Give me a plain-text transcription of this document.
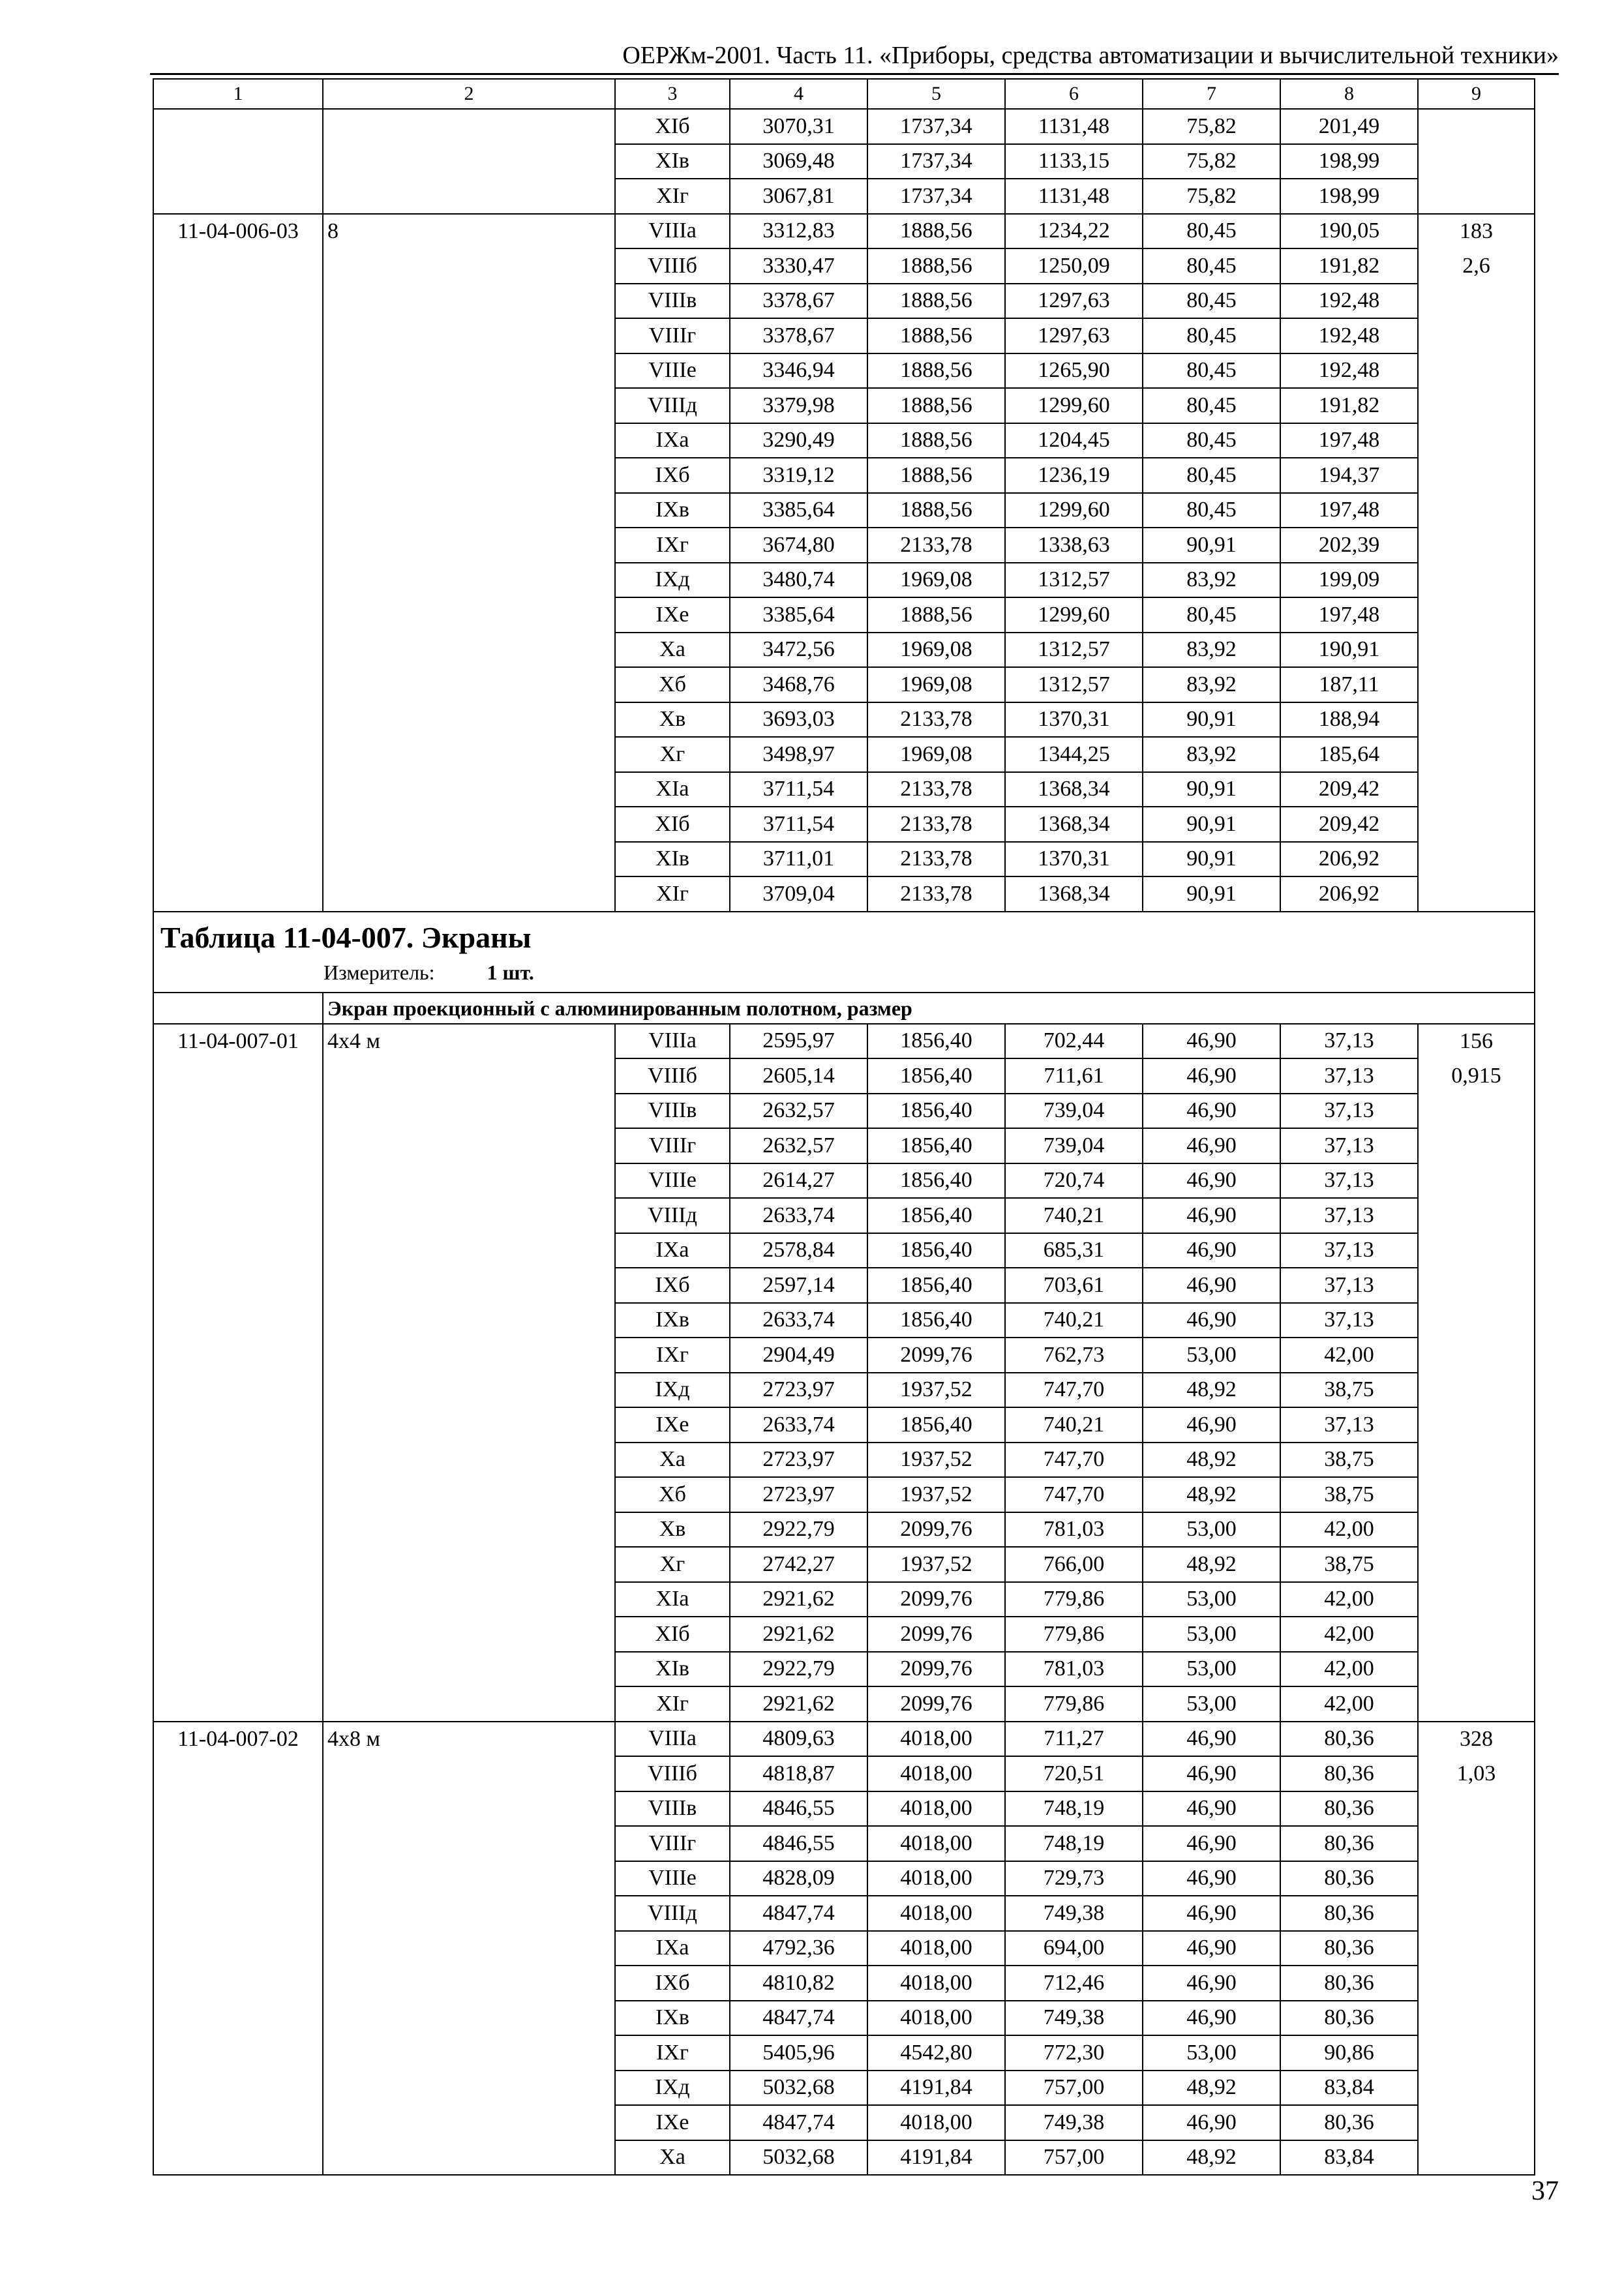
ОЕРЖм-2001. Часть 11. «Приборы, средства автоматизации и вычислительной техники»
1	2	3	4	5	6	7	8	9
		XIб	3070,31	1737,34	1131,48	75,82	201,49	
		XIв	3069,48	1737,34	1133,15	75,82	198,99	
		XIг	3067,81	1737,34	1131,48	75,82	198,99	
11-04-006-03	8	VIIIа	3312,83	1888,56	1234,22	80,45	190,05	183
		VIIIб	3330,47	1888,56	1250,09	80,45	191,82	2,6
		VIIIв	3378,67	1888,56	1297,63	80,45	192,48	
		VIIIг	3378,67	1888,56	1297,63	80,45	192,48	
		VIIIе	3346,94	1888,56	1265,90	80,45	192,48	
		VIIIд	3379,98	1888,56	1299,60	80,45	191,82	
		IXа	3290,49	1888,56	1204,45	80,45	197,48	
		IXб	3319,12	1888,56	1236,19	80,45	194,37	
		IXв	3385,64	1888,56	1299,60	80,45	197,48	
		IXг	3674,80	2133,78	1338,63	90,91	202,39	
		IXд	3480,74	1969,08	1312,57	83,92	199,09	
		IXе	3385,64	1888,56	1299,60	80,45	197,48	
		Xа	3472,56	1969,08	1312,57	83,92	190,91	
		Xб	3468,76	1969,08	1312,57	83,92	187,11	
		Xв	3693,03	2133,78	1370,31	90,91	188,94	
		Xг	3498,97	1969,08	1344,25	83,92	185,64	
		XIа	3711,54	2133,78	1368,34	90,91	209,42	
		XIб	3711,54	2133,78	1368,34	90,91	209,42	
		XIв	3711,01	2133,78	1370,31	90,91	206,92	
		XIг	3709,04	2133,78	1368,34	90,91	206,92	

Таблица 11-04-007. Экраны
Измеритель: 1 шт.								

	Экран проекционный с алюминированным полотном, размер							
11-04-007-01	4х4 м	VIIIа	2595,97	1856,40	702,44	46,90	37,13	156
		VIIIб	2605,14	1856,40	711,61	46,90	37,13	0,915
		VIIIв	2632,57	1856,40	739,04	46,90	37,13	
		VIIIг	2632,57	1856,40	739,04	46,90	37,13	
		VIIIе	2614,27	1856,40	720,74	46,90	37,13	
		VIIIд	2633,74	1856,40	740,21	46,90	37,13	
		IXа	2578,84	1856,40	685,31	46,90	37,13	
		IXб	2597,14	1856,40	703,61	46,90	37,13	
		IXв	2633,74	1856,40	740,21	46,90	37,13	
		IXг	2904,49	2099,76	762,73	53,00	42,00	
		IXд	2723,97	1937,52	747,70	48,92	38,75	
		IXе	2633,74	1856,40	740,21	46,90	37,13	
		Xа	2723,97	1937,52	747,70	48,92	38,75	
		Xб	2723,97	1937,52	747,70	48,92	38,75	
		Xв	2922,79	2099,76	781,03	53,00	42,00	
		Xг	2742,27	1937,52	766,00	48,92	38,75	
		XIа	2921,62	2099,76	779,86	53,00	42,00	
		XIб	2921,62	2099,76	779,86	53,00	42,00	
		XIв	2922,79	2099,76	781,03	53,00	42,00	
		XIг	2921,62	2099,76	779,86	53,00	42,00	
11-04-007-02	4х8 м	VIIIа	4809,63	4018,00	711,27	46,90	80,36	328
		VIIIб	4818,87	4018,00	720,51	46,90	80,36	1,03
		VIIIв	4846,55	4018,00	748,19	46,90	80,36	
		VIIIг	4846,55	4018,00	748,19	46,90	80,36	
		VIIIе	4828,09	4018,00	729,73	46,90	80,36	
		VIIIд	4847,74	4018,00	749,38	46,90	80,36	
		IXа	4792,36	4018,00	694,00	46,90	80,36	
		IXб	4810,82	4018,00	712,46	46,90	80,36	
		IXв	4847,74	4018,00	749,38	46,90	80,36	
		IXг	5405,96	4542,80	772,30	53,00	90,86	
		IXд	5032,68	4191,84	757,00	48,92	83,84	
		IXе	4847,74	4018,00	749,38	46,90	80,36	
		Xа	5032,68	4191,84	757,00	48,92	83,84	
37
